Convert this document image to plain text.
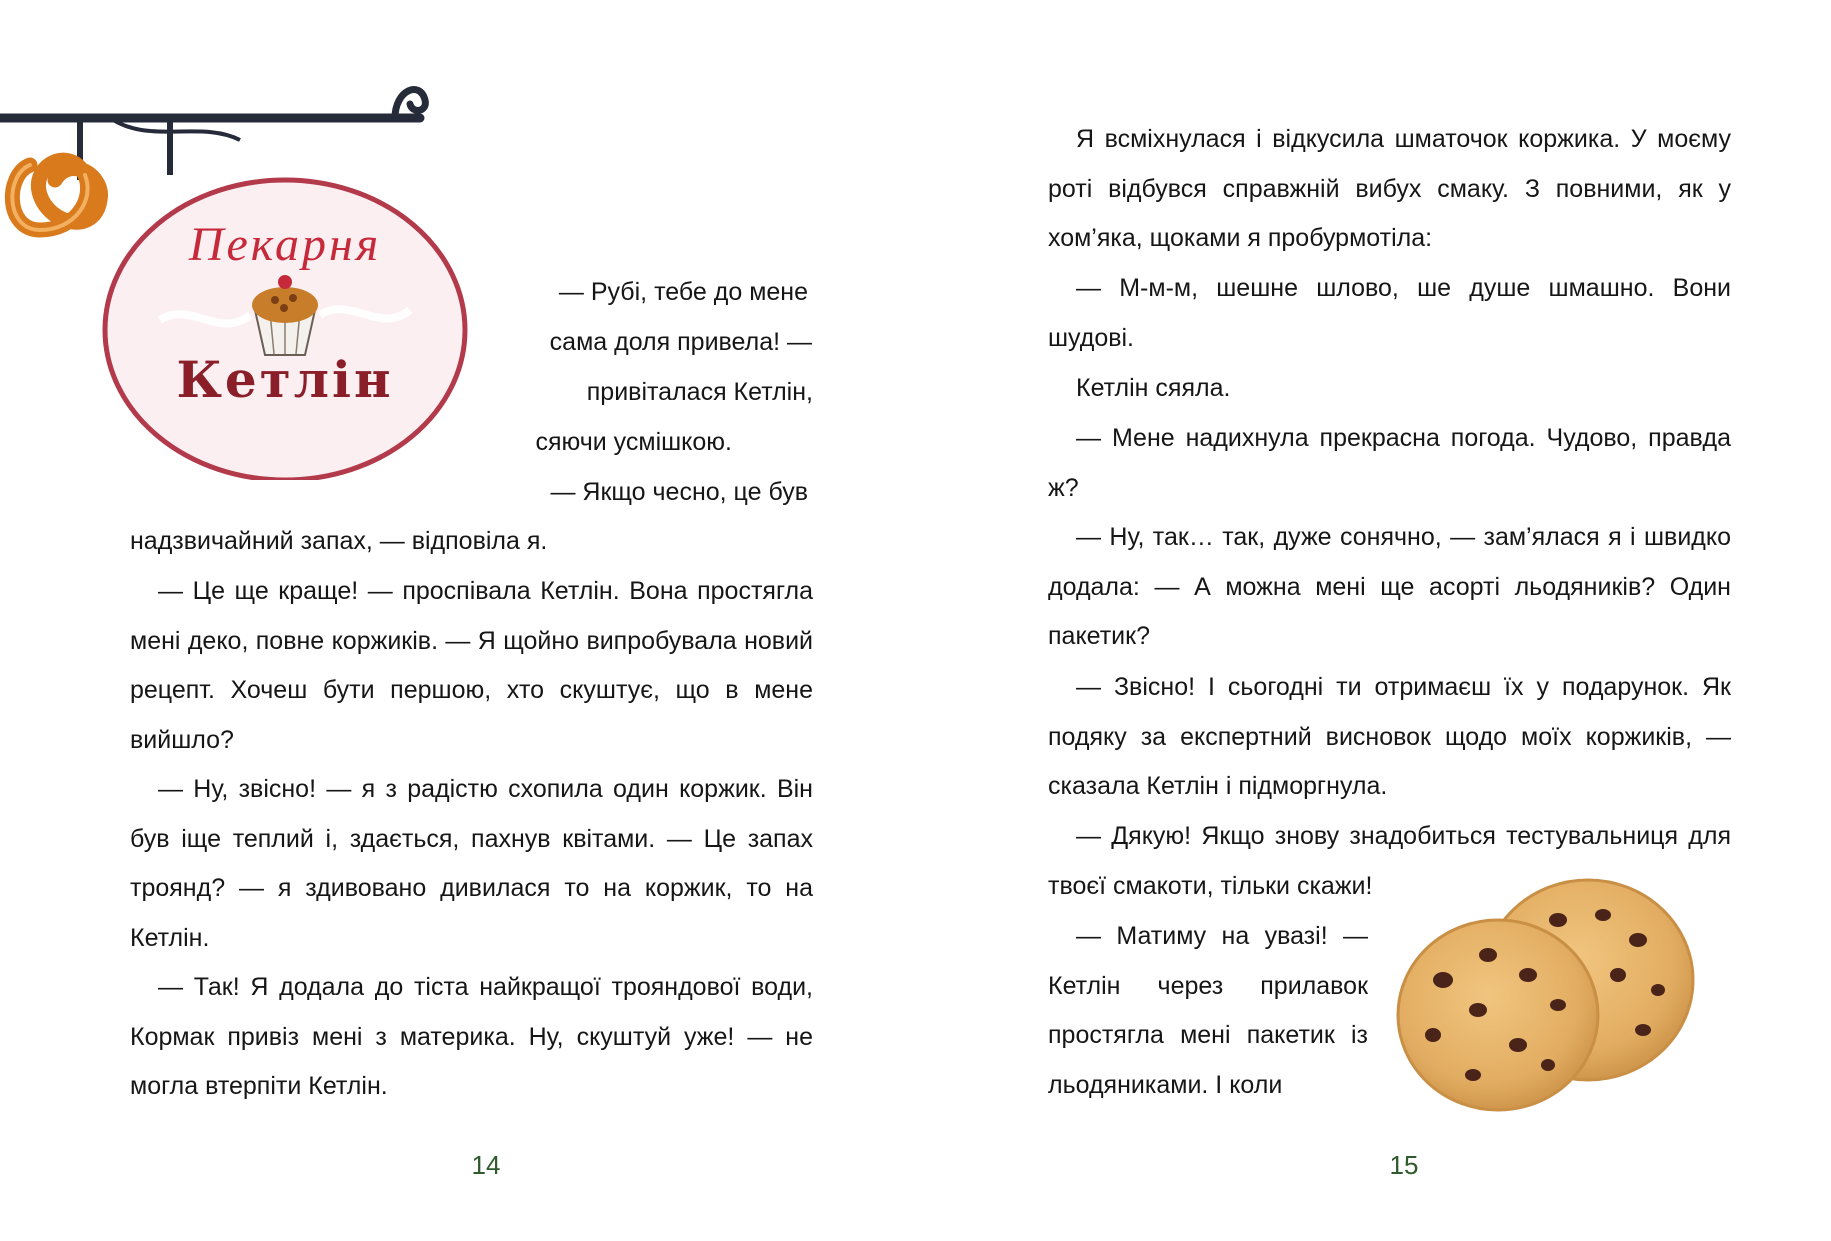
Пекарня
Кетлін
— Рубі, тебе до мене
сама доля привела! —
привіталася Кетлін,
сяючи усмішкою.
— Якщо чесно, це був
надзвичайний запах, — відповіла я.

— Це ще краще! — проспівала Кетлін. Вона простягла мені деко, повне коржиків. — Я щойно випробувала новий рецепт. Хочеш бути першою, хто скуштує, що в мене вийшло?

— Ну, звісно! — я з радістю схопила один коржик. Він був іще теплий і, здається, пахнув квітами. — Це запах троянд? — я здивовано дивилася то на коржик, то на Кетлін.

— Так! Я додала до тіста найкращої трояндової води, Кормак привіз мені з материка. Ну, скуштуй уже! — не могла втерпіти Кетлін.

14

Я всміхнулася і відкусила шматочок коржика. У моєму роті відбувся справжній вибух смаку. З повними, як у хом’яка, щоками я пробурмотіла:

— М-м-м, шешне шлово, ше душе шмашно. Вони шудові.

Кетлін сяяла.

— Мене надихнула прекрасна погода. Чудово, правда ж?

— Ну, так… так, дуже сонячно, — зам’ялася я і швидко додала: — А можна мені ще асорті льодяників? Один пакетик?

— Звісно! І сьогодні ти отримаєш їх у подарунок. Як подяку за експертний висновок щодо моїх коржиків, — сказала Кетлін і підморгнула.

— Дякую! Якщо знову знадобиться тестувальниця для твоєї смакоти, тільки скажи!

— Матиму на увазі! — Кетлін через прилавок простягла мені пакетик із льодяниками. І коли

15
